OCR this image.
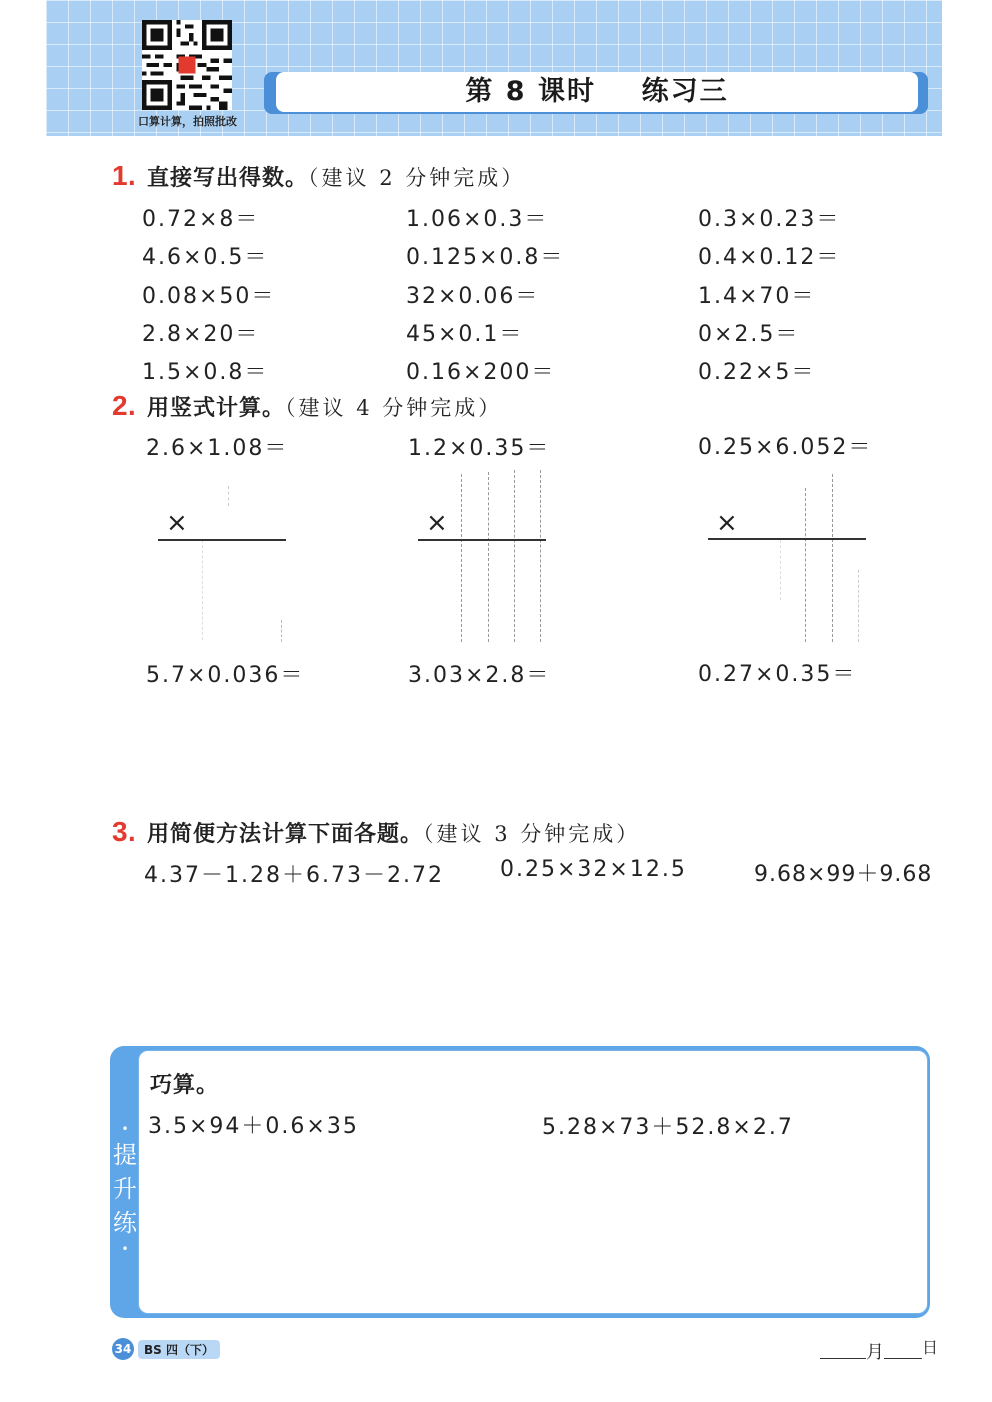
口算计算，拍照批改
第 8 课时 练习三
1. 直接写出得数。（建议 2 分钟完成）
0.72×8＝	1.06×0.3＝	0.3×0.23＝
4.6×0.5＝	0.125×0.8＝	0.4×0.12＝
0.08×50＝	32×0.06＝	1.4×70＝
2.8×20＝	45×0.1＝	0×2.5＝
1.5×0.8＝	0.16×200＝	0.22×5＝
2. 用竖式计算。（建议 4 分钟完成）
2.6×1.08＝	1.2×0.35＝	0.25×6.052＝
×	×	×
5.7×0.036＝	3.03×2.8＝	0.27×0.35＝
3. 用简便方法计算下面各题。（建议 3 分钟完成）
4.37－1.28＋6.73－2.72	0.25×32×12.5	9.68×99＋9.68
•
提
升
练
•
巧算。
3.5×94＋0.6×35	5.28×73＋52.8×2.7
34	BS 四（下）	月 日
